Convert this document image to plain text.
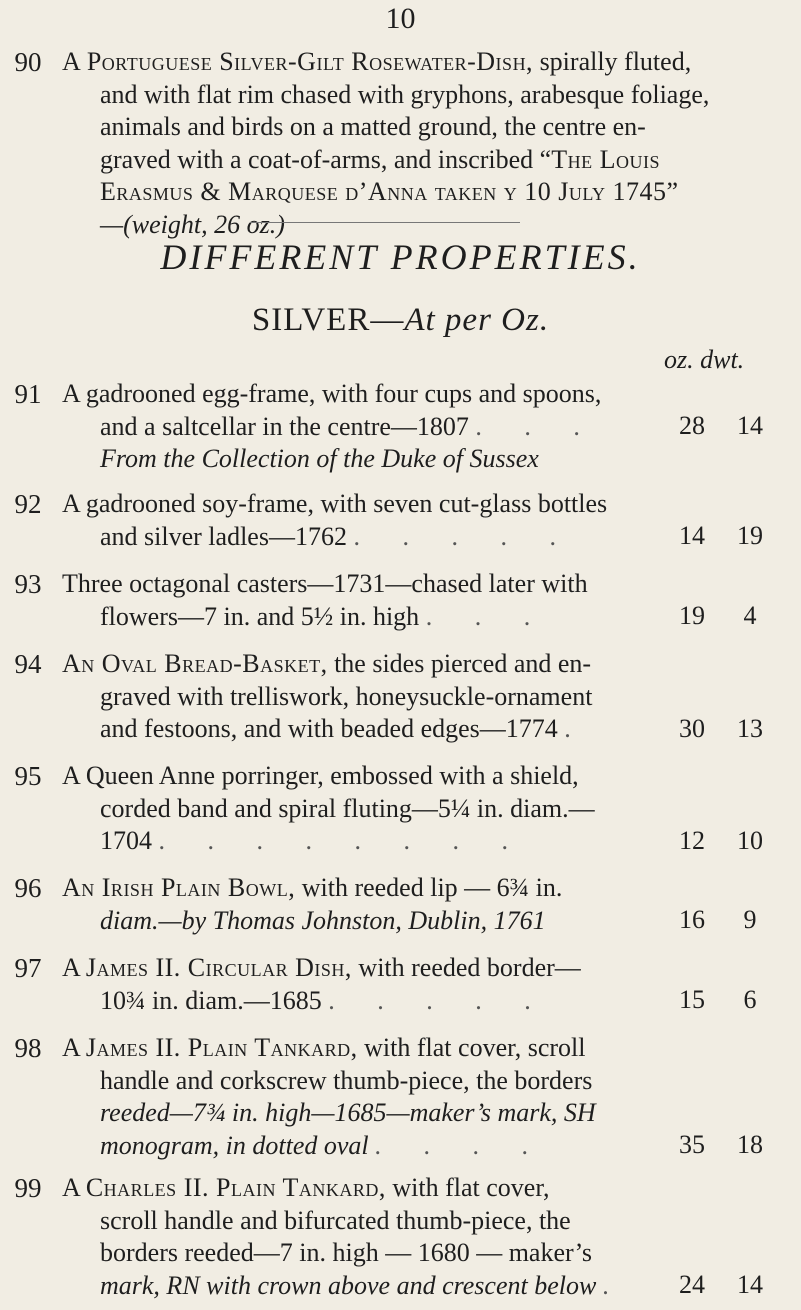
10
90 A Portuguese Silver-Gilt Rosewater-Dish, spirally fluted,

and with flat rim chased with gryphons, arabesque foliage,

animals and birds on a matted ground, the centre en-

graved with a coat-of-arms, and inscribed “The Louis

Erasmus & Marquese d’Anna taken y 10 July 1745”

—(weight, 26 oz.)

DIFFERENT PROPERTIES.
SILVER—At per Oz.
oz. dwt.
91 A gadrooned egg-frame, with four cups and spoons,

and a saltcellar in the centre—1807 . . .

From the Collection of the Duke of Sussex

28	14
92 A gadrooned soy-frame, with seven cut-glass bottles

and silver ladles—1762 . . . . .	14	19
93 Three octagonal casters—1731—chased later with

flowers—7 in. and 5½ in. high . . .	19	4
94 An Oval Bread-Basket, the sides pierced and en-

graved with trelliswork, honeysuckle-ornament

and festoons, and with beaded edges—1774 .	30	13
95 A Queen Anne porringer, embossed with a shield,

corded band and spiral fluting—5¼ in. diam.—

1704 . . . . . . . .	12	10
96 An Irish Plain Bowl, with reeded lip — 6¾ in.

diam.—by Thomas Johnston, Dublin, 1761	16	9
97 A James II. Circular Dish, with reeded border—

10¾ in. diam.—1685 . . . . .	15	6
98 A James II. Plain Tankard, with flat cover, scroll

handle and corkscrew thumb-piece, the borders

reeded—7¾ in. high—1685—maker’s mark, SH

monogram, in dotted oval . . . .	35	18
99 A Charles II. Plain Tankard, with flat cover,

scroll handle and bifurcated thumb-piece, the

borders reeded—7 in. high — 1680 — maker’s

mark, RN with crown above and crescent below .	24	14
